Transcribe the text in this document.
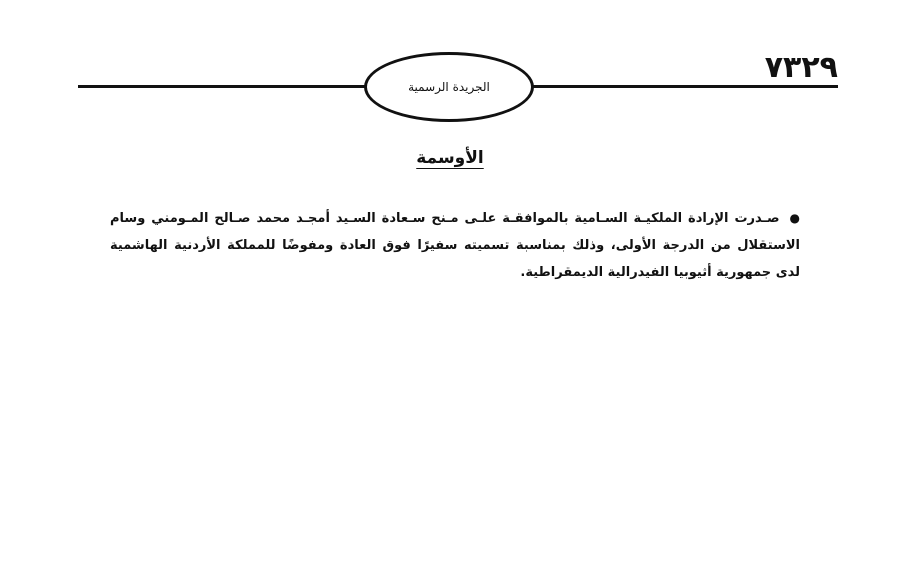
الجريدة الرسمية
٧٣٢٩
الأوسمة
●صـدرت الإرادة الملكيـة السـامية بالموافقـة علـى مـنح سـعادة السـيد أمجـد محمد صـالح المـومني وسام الاستقلال من الدرجة الأولى، وذلك بمناسبة تسميته سفيرًا فوق العادة ومفوضًا للمملكة الأردنية الهاشمية لدى جمهورية أثيوبيا الفيدرالية الديمقراطية.
